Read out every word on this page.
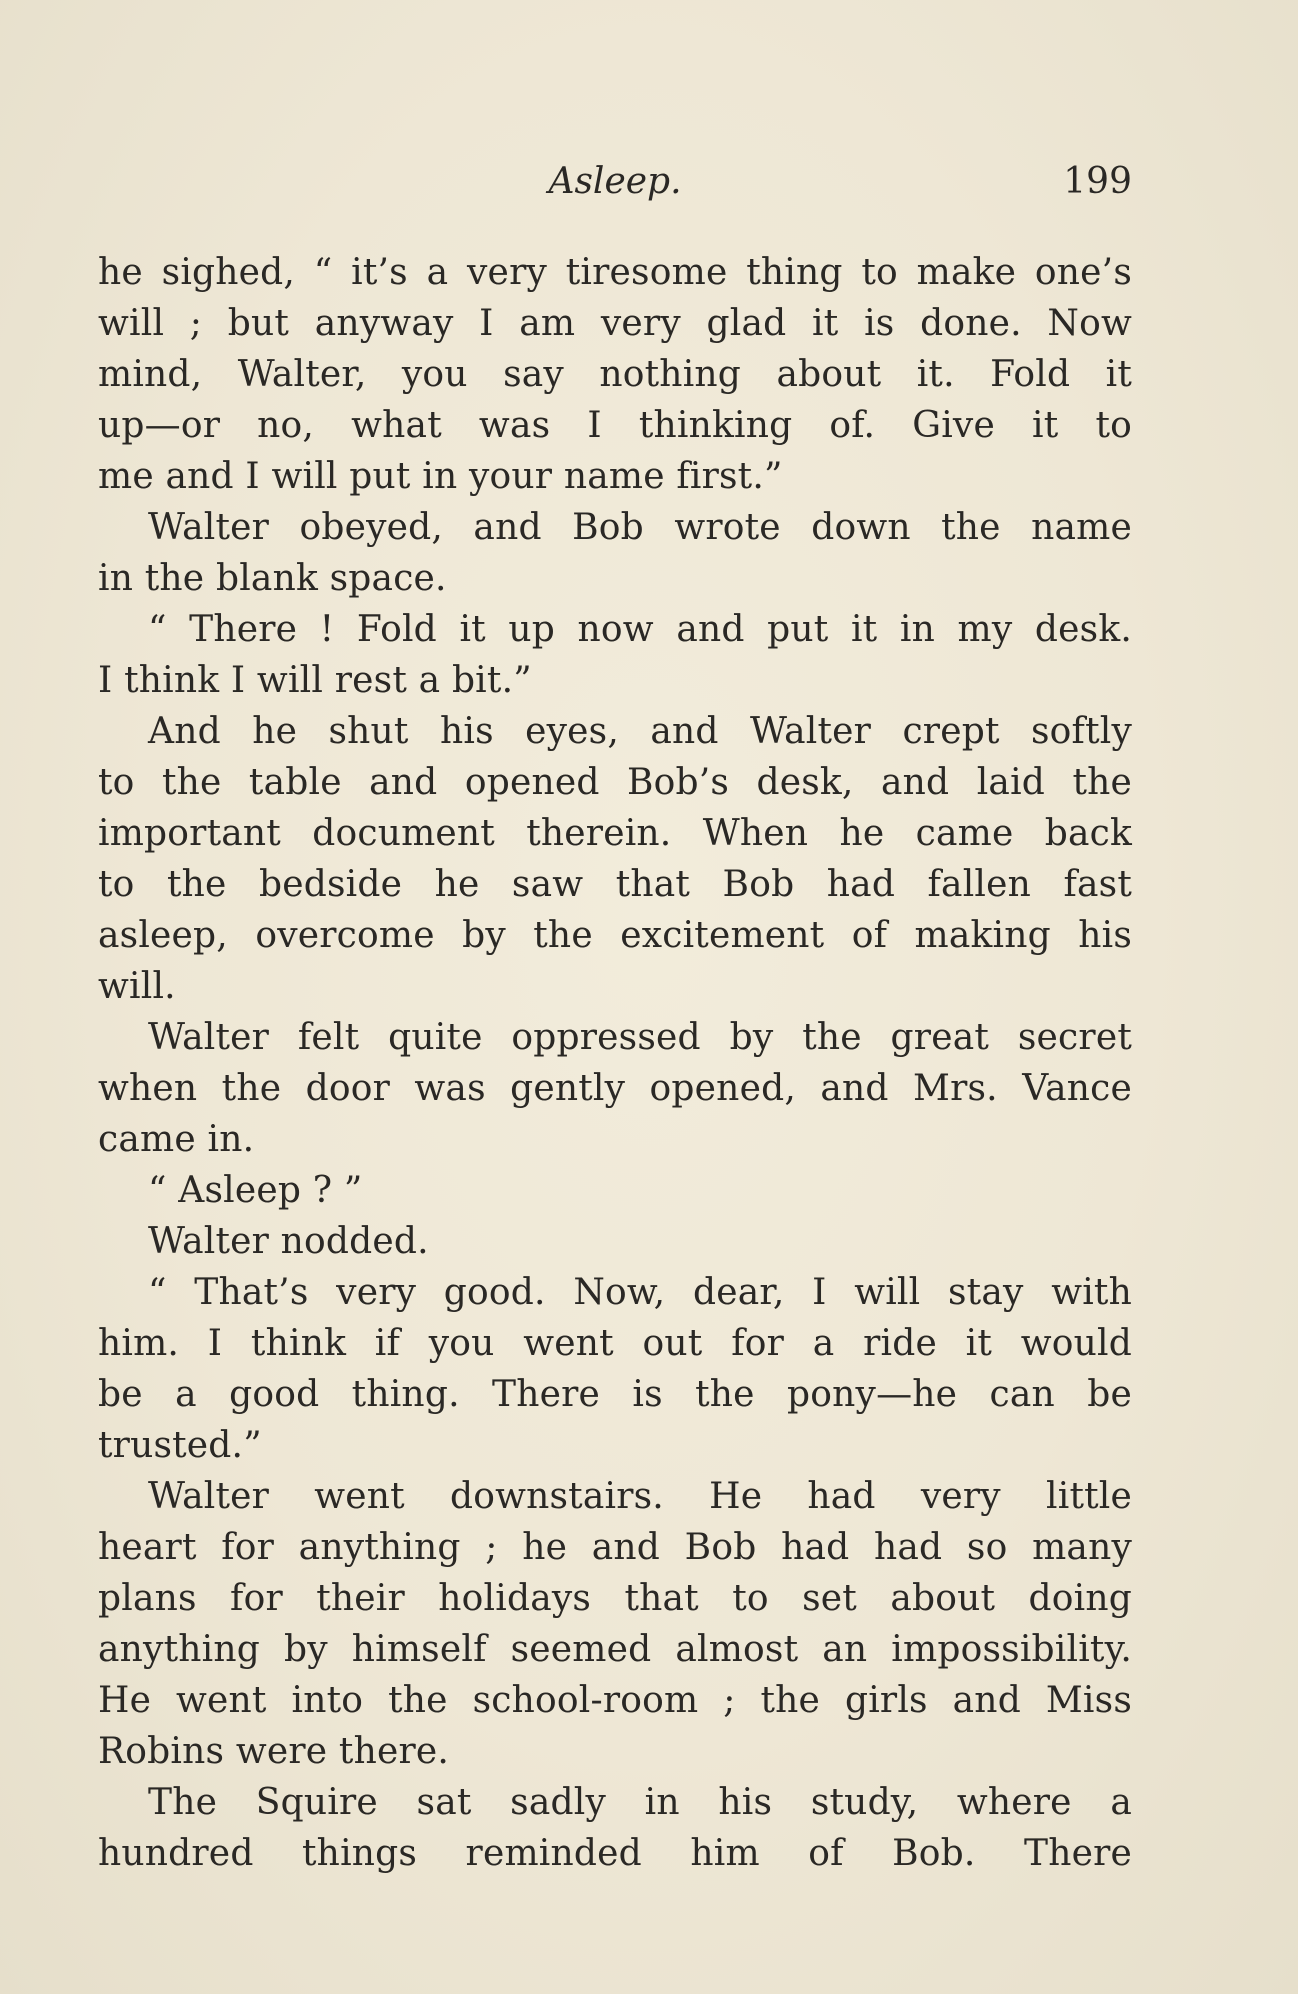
Asleep.	199
he sighed, “ it’s a very tiresome thing to make one’s
will ; but anyway I am very glad it is done. Now
mind, Walter, you say nothing about it. Fold it
up—or no, what was I thinking of. Give it to
me and I will put in your name first.”
Walter obeyed, and Bob wrote down the name
in the blank space.
“ There ! Fold it up now and put it in my desk.
I think I will rest a bit.”
And he shut his eyes, and Walter crept softly
to the table and opened Bob’s desk, and laid the
important document therein. When he came back
to the bedside he saw that Bob had fallen fast
asleep, overcome by the excitement of making his
will.
Walter felt quite oppressed by the great secret
when the door was gently opened, and Mrs. Vance
came in.
“ Asleep ? ”
Walter nodded.
“ That’s very good. Now, dear, I will stay with
him. I think if you went out for a ride it would
be a good thing. There is the pony—he can be
trusted.”
Walter went downstairs. He had very little
heart for anything ; he and Bob had had so many
plans for their holidays that to set about doing
anything by himself seemed almost an impossibility.
He went into the school-room ; the girls and Miss
Robins were there.
The Squire sat sadly in his study, where a
hundred things reminded him of Bob. There
